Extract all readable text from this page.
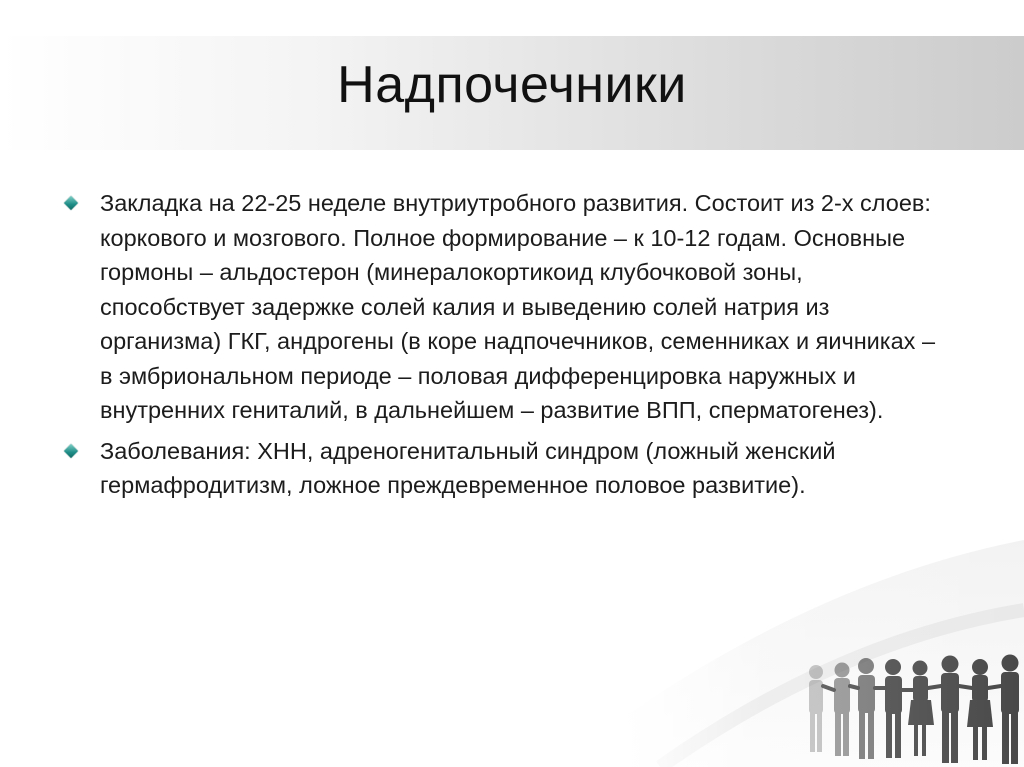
Надпочечники
Закладка на 22-25 неделе внутриутробного развития. Состоит из 2-х слоев: коркового и мозгового. Полное формирование – к 10-12 годам. Основные гормоны – альдостерон (минералокортикоид клубочковой зоны, способствует задержке солей калия и выведению солей натрия из организма) ГКГ, андрогены (в коре надпочечников, семенниках и яичниках – в эмбриональном периоде – половая дифференцировка наружных и внутренних гениталий, в дальнейшем – развитие ВПП, сперматогенез).
Заболевания: ХНН, адреногенитальный синдром (ложный женский гермафродитизм, ложное преждевременное половое развитие).
